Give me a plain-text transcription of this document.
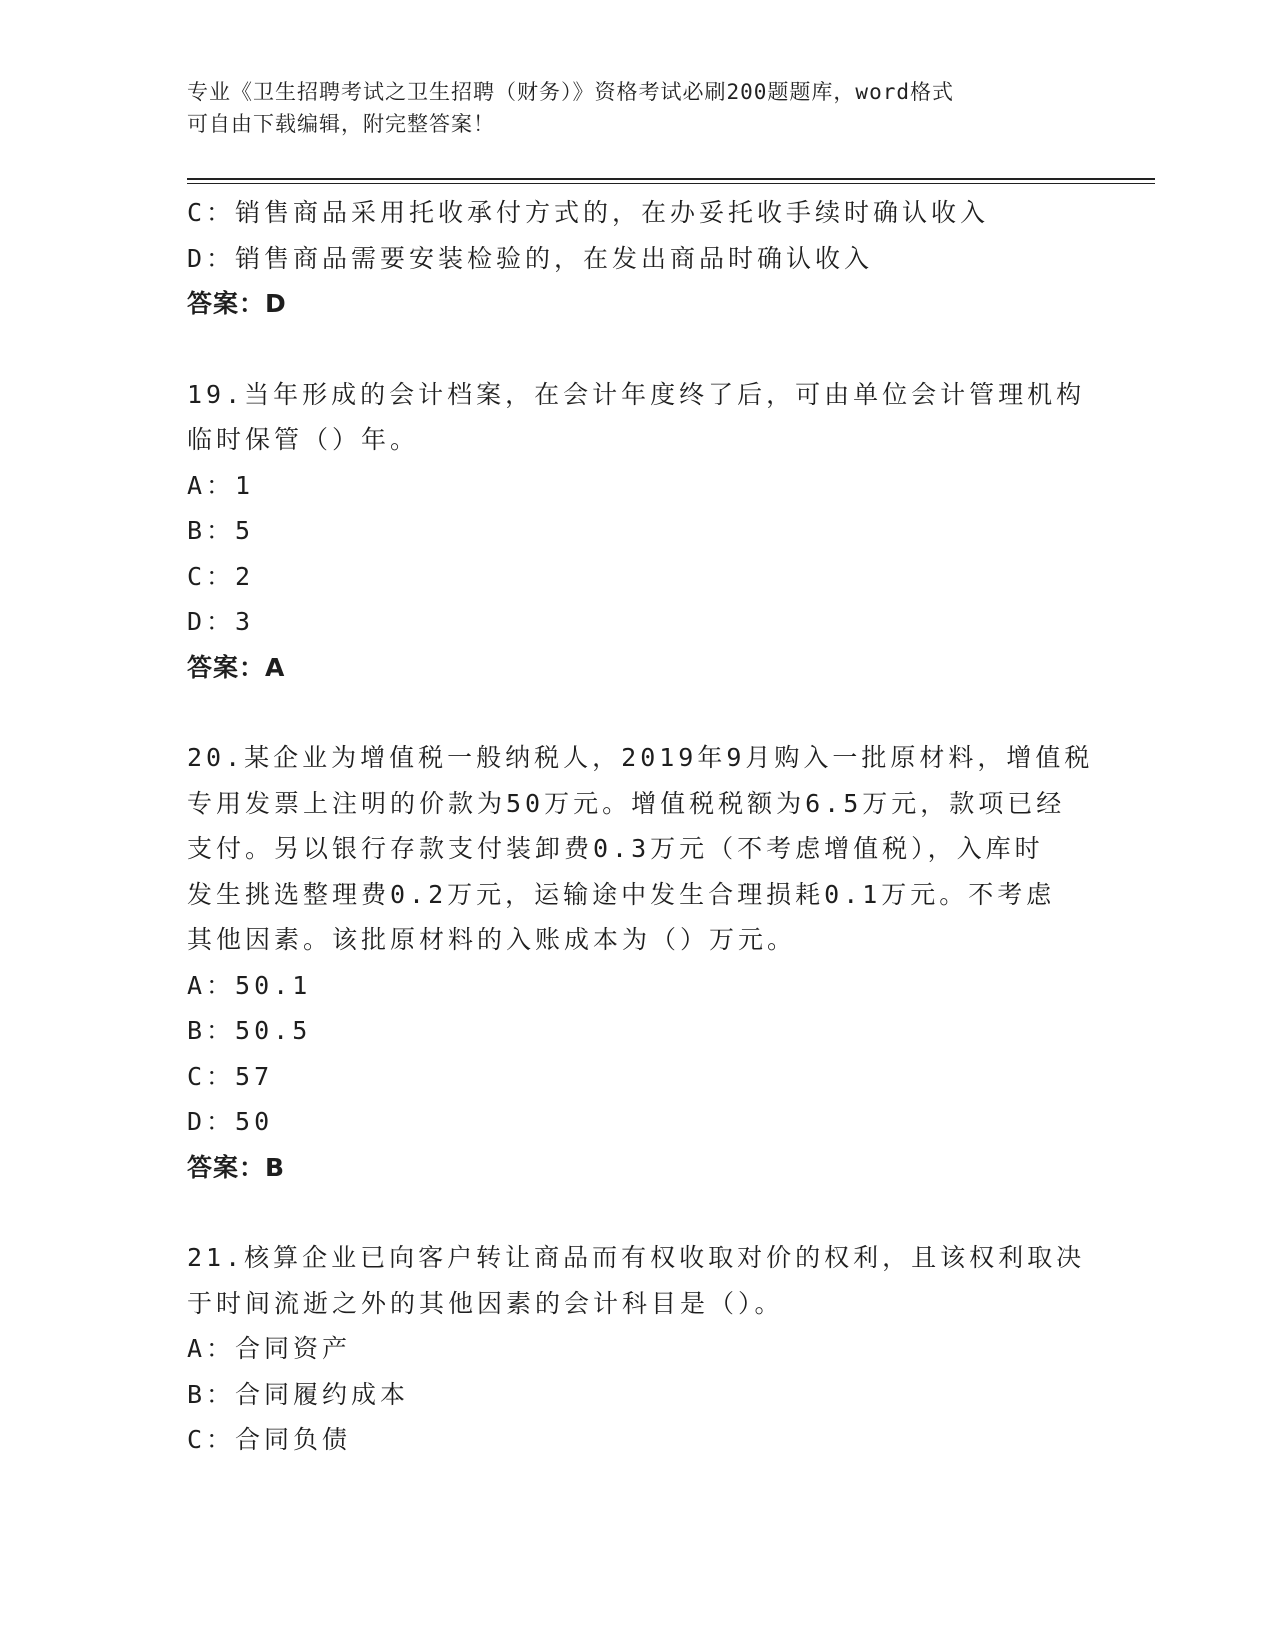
专业《卫生招聘考试之卫生招聘（财务）》资格考试必刷200题题库，word格式
可自由下载编辑，附完整答案！
C：销售商品采用托收承付方式的，在办妥托收手续时确认收入
D：销售商品需要安装检验的，在发出商品时确认收入
答案：D
19.当年形成的会计档案，在会计年度终了后，可由单位会计管理机构
临时保管（）年。
A：1
B：5
C：2
D：3
答案：A
20.某企业为增值税一般纳税人，2019年9月购入一批原材料，增值税
专用发票上注明的价款为50万元。增值税税额为6.5万元，款项已经
支付。另以银行存款支付装卸费0.3万元（不考虑增值税），入库时
发生挑选整理费0.2万元，运输途中发生合理损耗0.1万元。不考虑
其他因素。该批原材料的入账成本为（）万元。
A：50.1
B：50.5
C：57
D：50
答案：B
21.核算企业已向客户转让商品而有权收取对价的权利，且该权利取决
于时间流逝之外的其他因素的会计科目是（）。
A：合同资产
B：合同履约成本
C：合同负债
